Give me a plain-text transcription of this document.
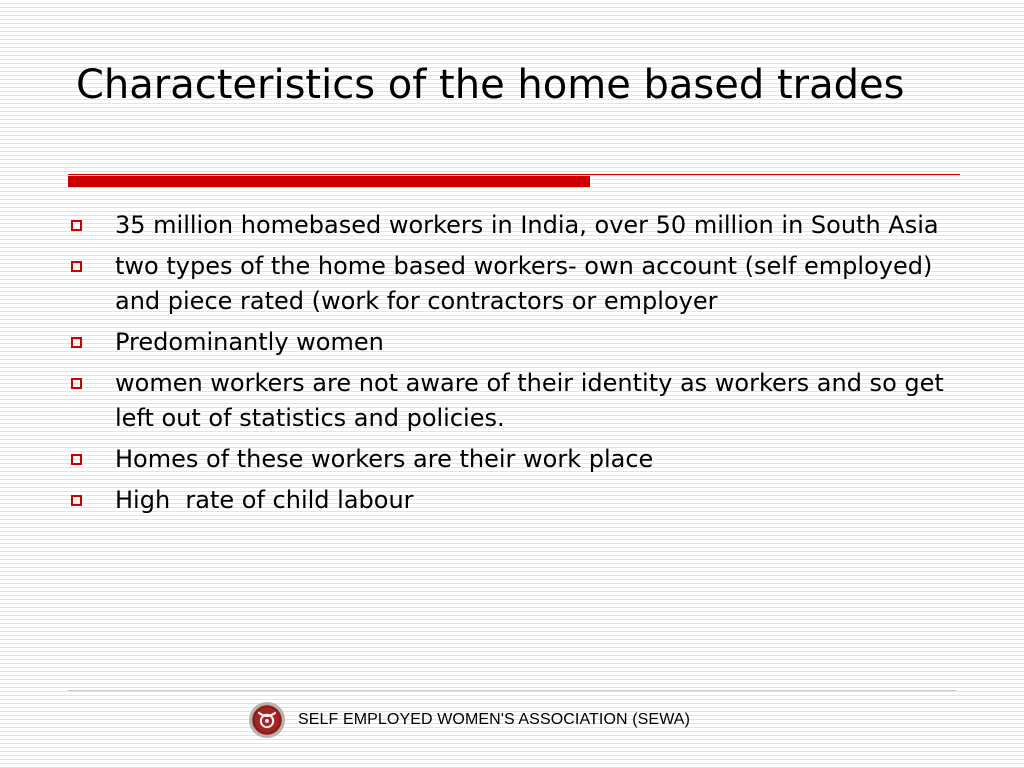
Characteristics of the home based trades
35 million homebased workers in India, over 50 million in South Asia
two types of the home based workers- own account (self employed) and piece rated (work for contractors or employer
Predominantly women
women workers are not aware of their identity as workers and so get left out of statistics and policies.
Homes of these workers are their work place
High  rate of child labour
SELF EMPLOYED WOMEN'S ASSOCIATION (SEWA)
